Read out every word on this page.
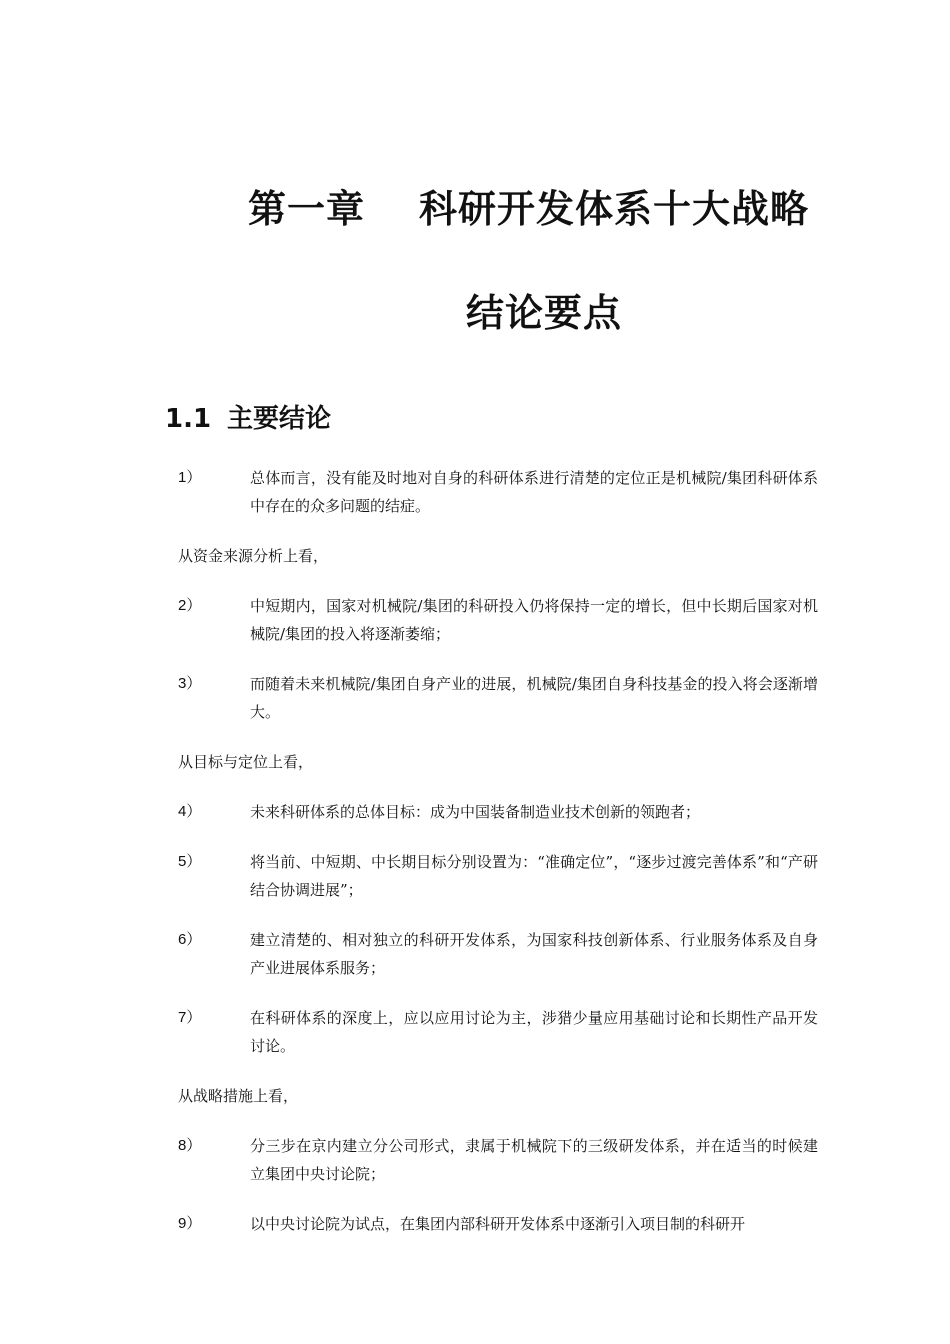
第一章 科研开发体系十大战略
结论要点
1.1 主要结论
1）	总体而言，没有能及时地对自身的科研体系进行清楚的定位正是机械院/集团科研体系中存在的众多问题的结症。
从资金来源分析上看，
2）	中短期内，国家对机械院/集团的科研投入仍将保持一定的增长，但中长期后国家对机械院/集团的投入将逐渐萎缩；
3）	而随着未来机械院/集团自身产业的进展，机械院/集团自身科技基金的投入将会逐渐增大。
从目标与定位上看，
4）	未来科研体系的总体目标：成为中国装备制造业技术创新的领跑者；
5）	将当前、中短期、中长期目标分别设置为：“准确定位”，“逐步过渡完善体系”和“产研结合协调进展”；
6）	建立清楚的、相对独立的科研开发体系，为国家科技创新体系、行业服务体系及自身产业进展体系服务；
7）	在科研体系的深度上，应以应用讨论为主，涉猎少量应用基础讨论和长期性产品开发讨论。
从战略措施上看，
8）	分三步在京内建立分公司形式，隶属于机械院下的三级研发体系，并在适当的时候建立集团中央讨论院；
9）	以中央讨论院为试点，在集团内部科研开发体系中逐渐引入项目制的科研开
